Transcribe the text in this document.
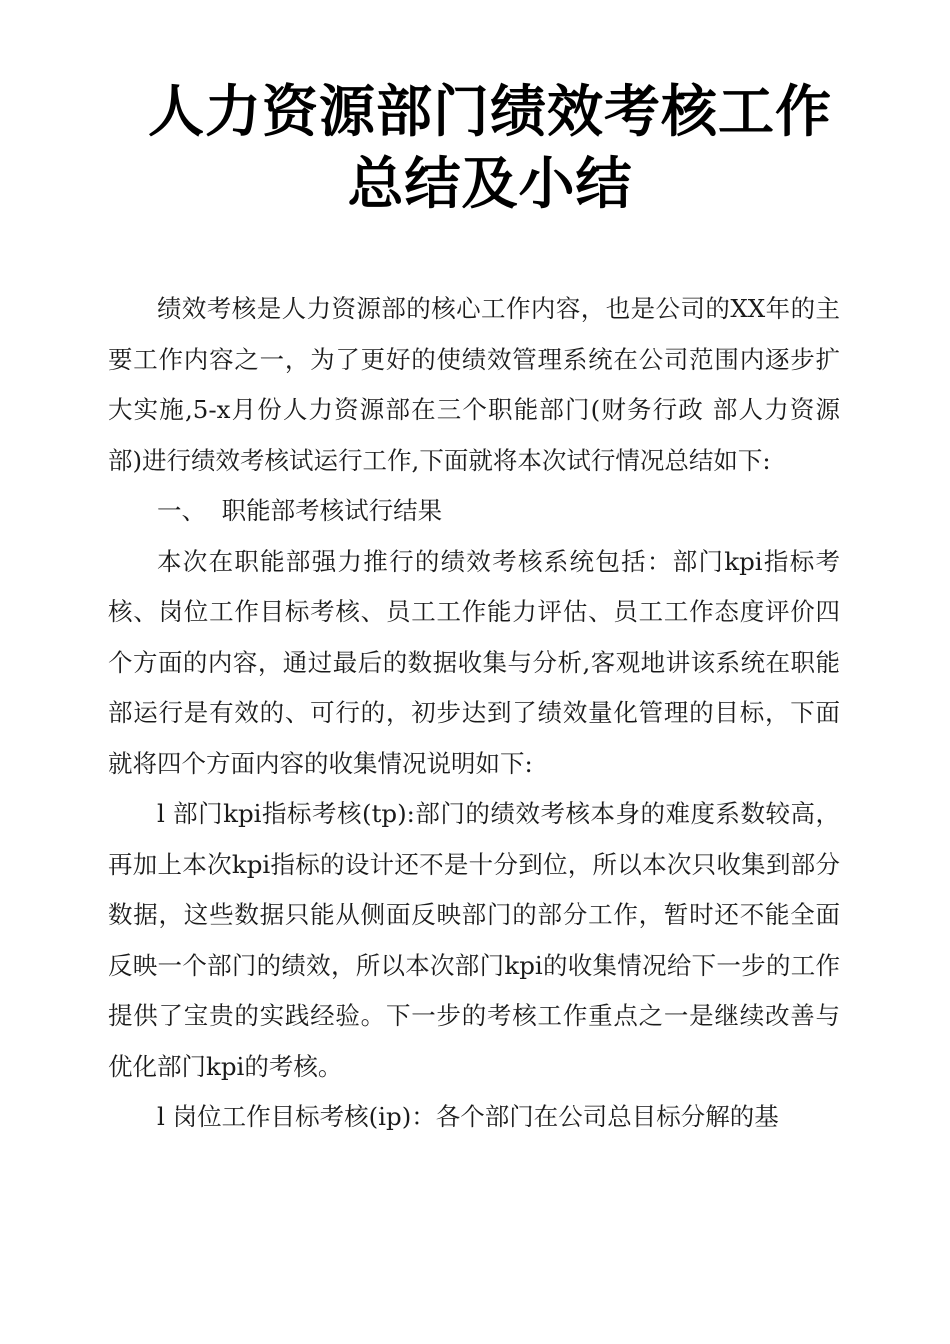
人力资源部门绩效考核工作
总结及小结

绩效考核是人力资源部的核心工作内容，也是公司的XX年的主要工作内容之一，为了更好的使绩效管理系统在公司范围内逐步扩大实施,5-x月份人力资源部在三个职能部门(财务行政 部人力资源部)进行绩效考核试运行工作,下面就将本次试行情况总结如下:

一、  职能部考核试行结果

本次在职能部强力推行的绩效考核系统包括：部门kpi指标考核、岗位工作目标考核、员工工作能力评估、员工工作态度评价四个方面的内容，通过最后的数据收集与分析,客观地讲该系统在职能部运行是有效的、可行的，初步达到了绩效量化管理的目标，下面就将四个方面内容的收集情况说明如下:

l 部门kpi指标考核(tp):部门的绩效考核本身的难度系数较高，再加上本次kpi指标的设计还不是十分到位，所以本次只收集到部分数据，这些数据只能从侧面反映部门的部分工作，暂时还不能全面反映一个部门的绩效，所以本次部门kpi的收集情况给下一步的工作提供了宝贵的实践经验。下一步的考核工作重点之一是继续改善与优化部门kpi的考核。

l 岗位工作目标考核(ip)：各个部门在公司总目标分解的基
